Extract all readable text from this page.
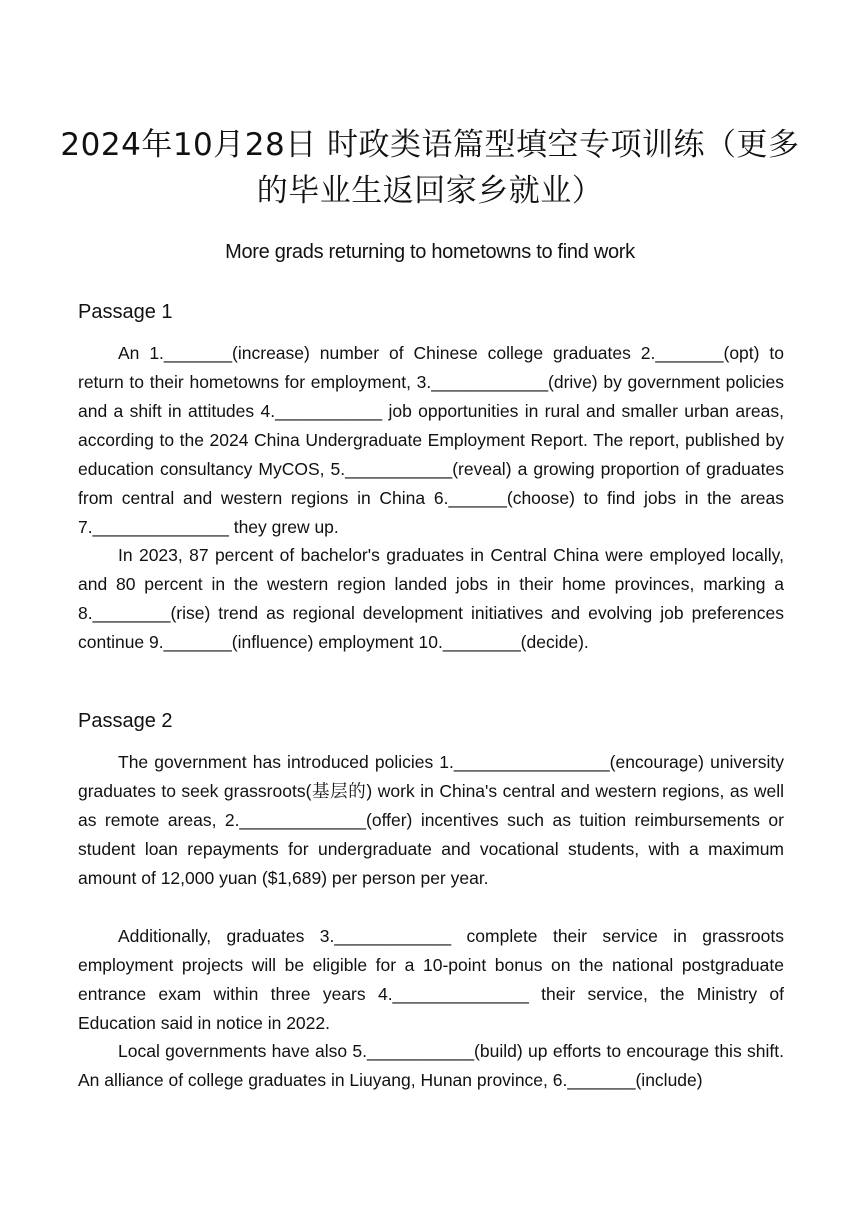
2024年10月28日 时政类语篇型填空专项训练（更多的毕业生返回家乡就业）
More grads returning to hometowns to find work
Passage 1

An 1._______(increase) number of Chinese college graduates 2._______(opt) to return to their hometowns for employment, 3.____________(drive) by government policies and a shift in attitudes 4.___________ job opportunities in rural and smaller urban areas, according to the 2024 China Undergraduate Employment Report. The report, published by education consultancy MyCOS, 5.___________(reveal) a growing proportion of graduates from central and western regions in China 6.______(choose) to find jobs in the areas 7.______________ they grew up.

In 2023, 87 percent of bachelor's graduates in Central China were employed locally, and 80 percent in the western region landed jobs in their home provinces, marking a 8.________(rise) trend as regional development initiatives and evolving job preferences continue 9._______(influence) employment 10.________(decide).

Passage 2

The government has introduced policies 1.________________(encourage) university graduates to seek grassroots(基层的) work in China's central and western regions, as well as remote areas, 2._____________(offer) incentives such as tuition reimbursements or student loan repayments for undergraduate and vocational students, with a maximum amount of 12,000 yuan ($1,689) per person per year.

Additionally, graduates 3.____________ complete their service in grassroots employment projects will be eligible for a 10-point bonus on the national postgraduate entrance exam within three years 4.______________ their service, the Ministry of Education said in notice in 2022.

Local governments have also 5.___________(build) up efforts to encourage this shift. An alliance of college graduates in Liuyang, Hunan province, 6._______(include)
